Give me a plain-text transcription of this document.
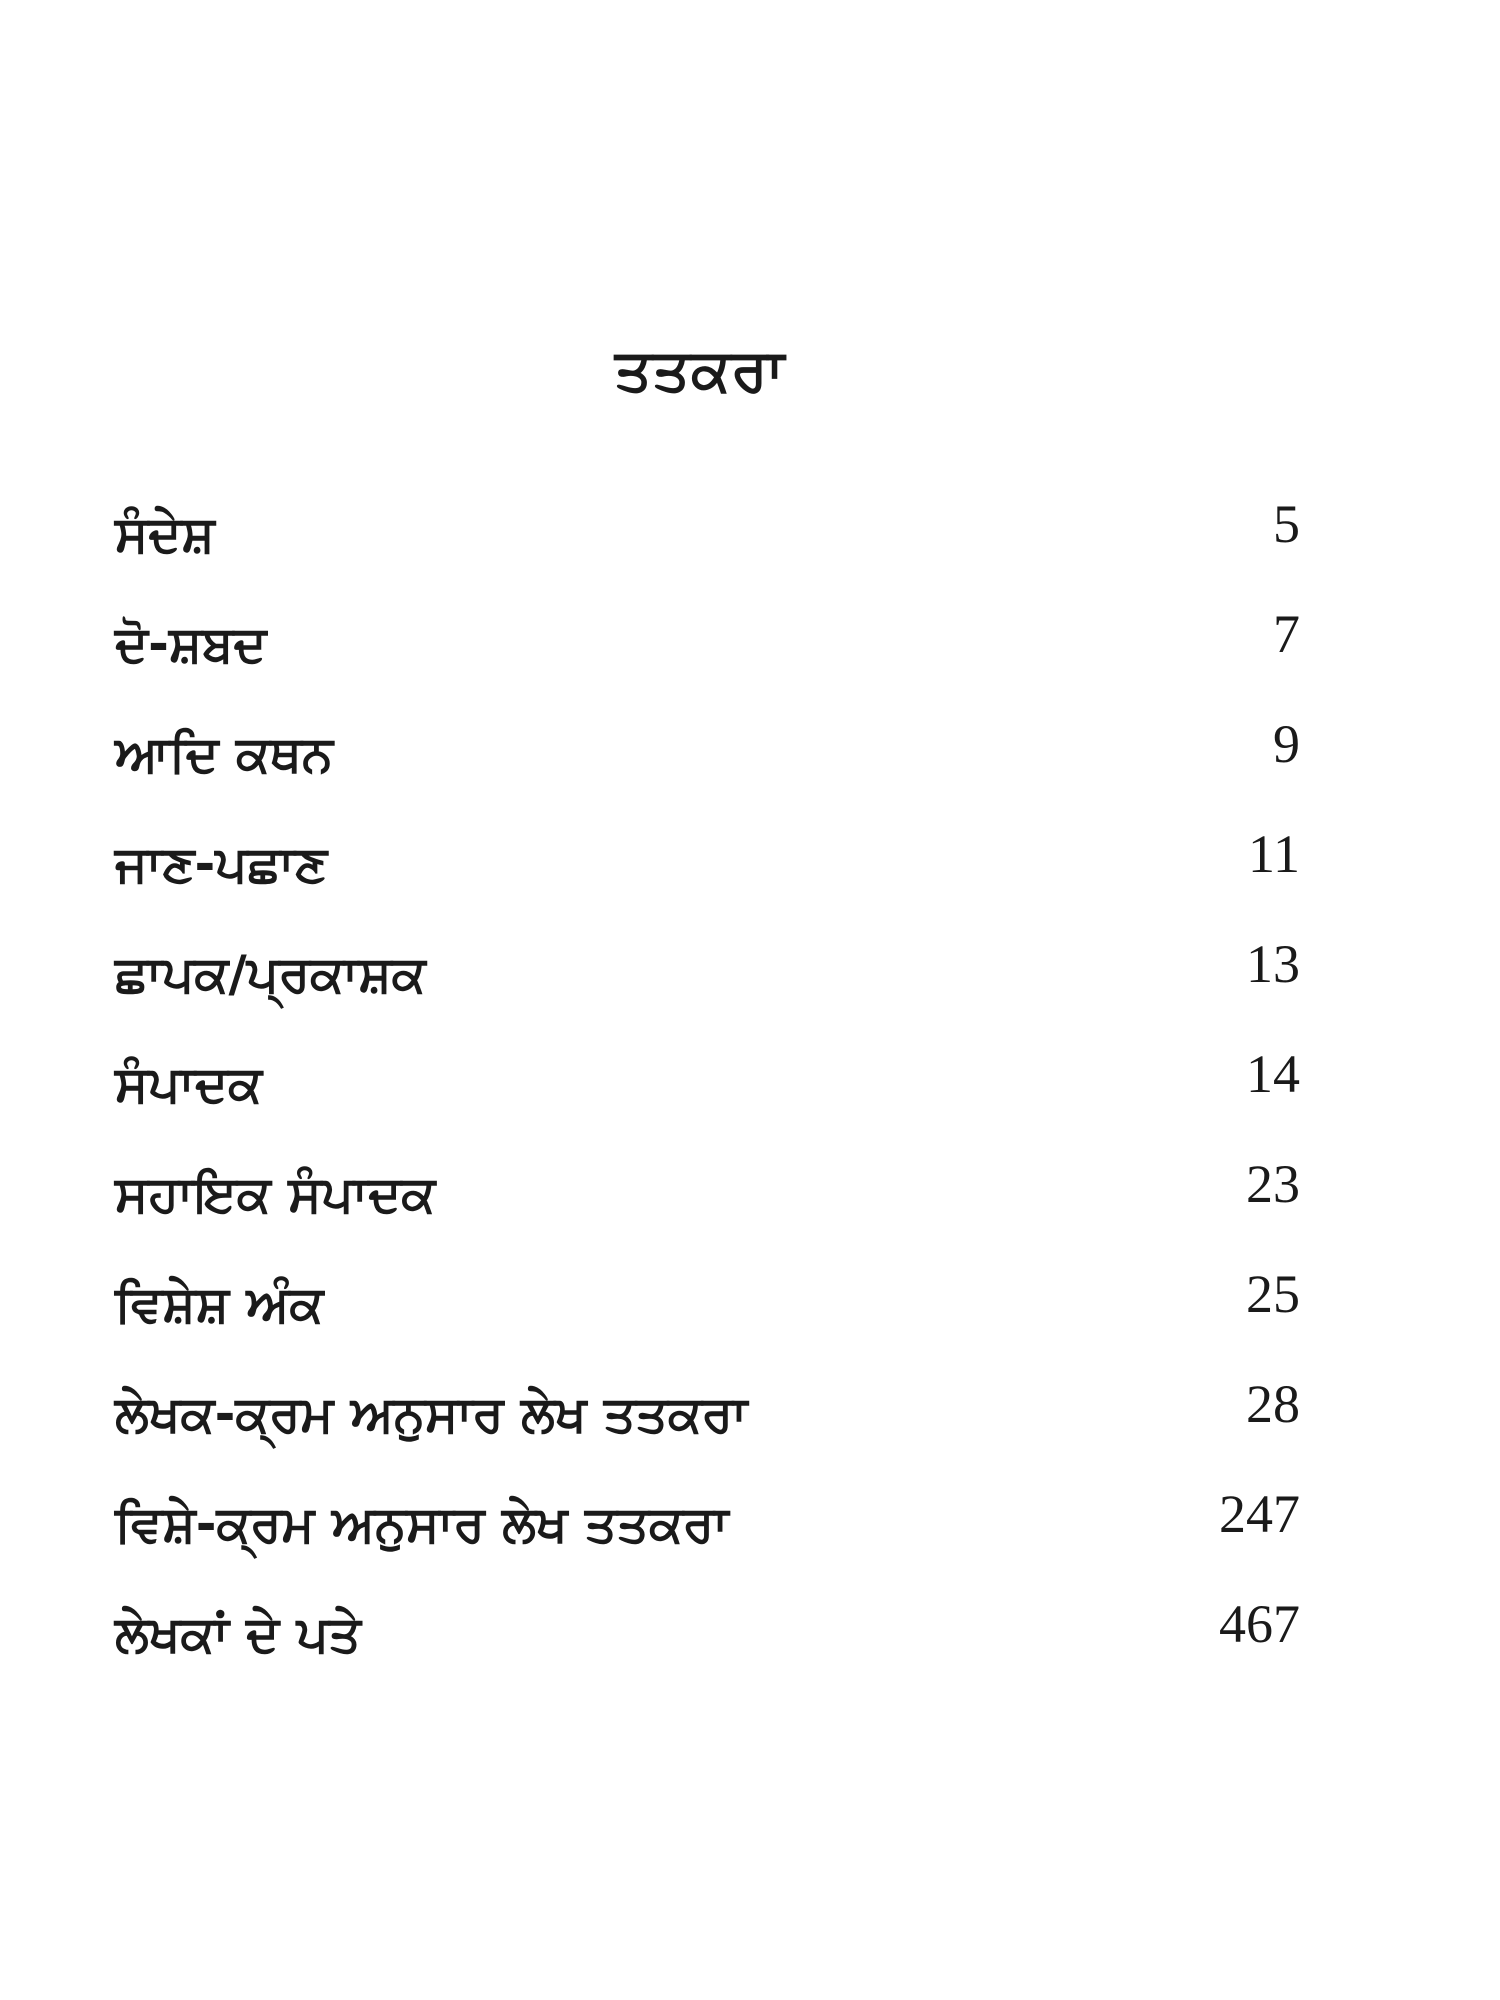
ਤਤਕਰਾ
ਸੰਦੇਸ਼	5
ਦੋ-ਸ਼ਬਦ	7
ਆਦਿ ਕਥਨ	9
ਜਾਣ-ਪਛਾਣ	11
ਛਾਪਕ/ਪ੍ਰਕਾਸ਼ਕ	13
ਸੰਪਾਦਕ	14
ਸਹਾਇਕ ਸੰਪਾਦਕ	23
ਵਿਸ਼ੇਸ਼ ਅੰਕ	25
ਲੇਖਕ-ਕ੍ਰਮ ਅਨੁਸਾਰ ਲੇਖ ਤਤਕਰਾ	28
ਵਿਸ਼ੇ-ਕ੍ਰਮ ਅਨੁਸਾਰ ਲੇਖ ਤਤਕਰਾ	247
ਲੇਖਕਾਂ ਦੇ ਪਤੇ	467
